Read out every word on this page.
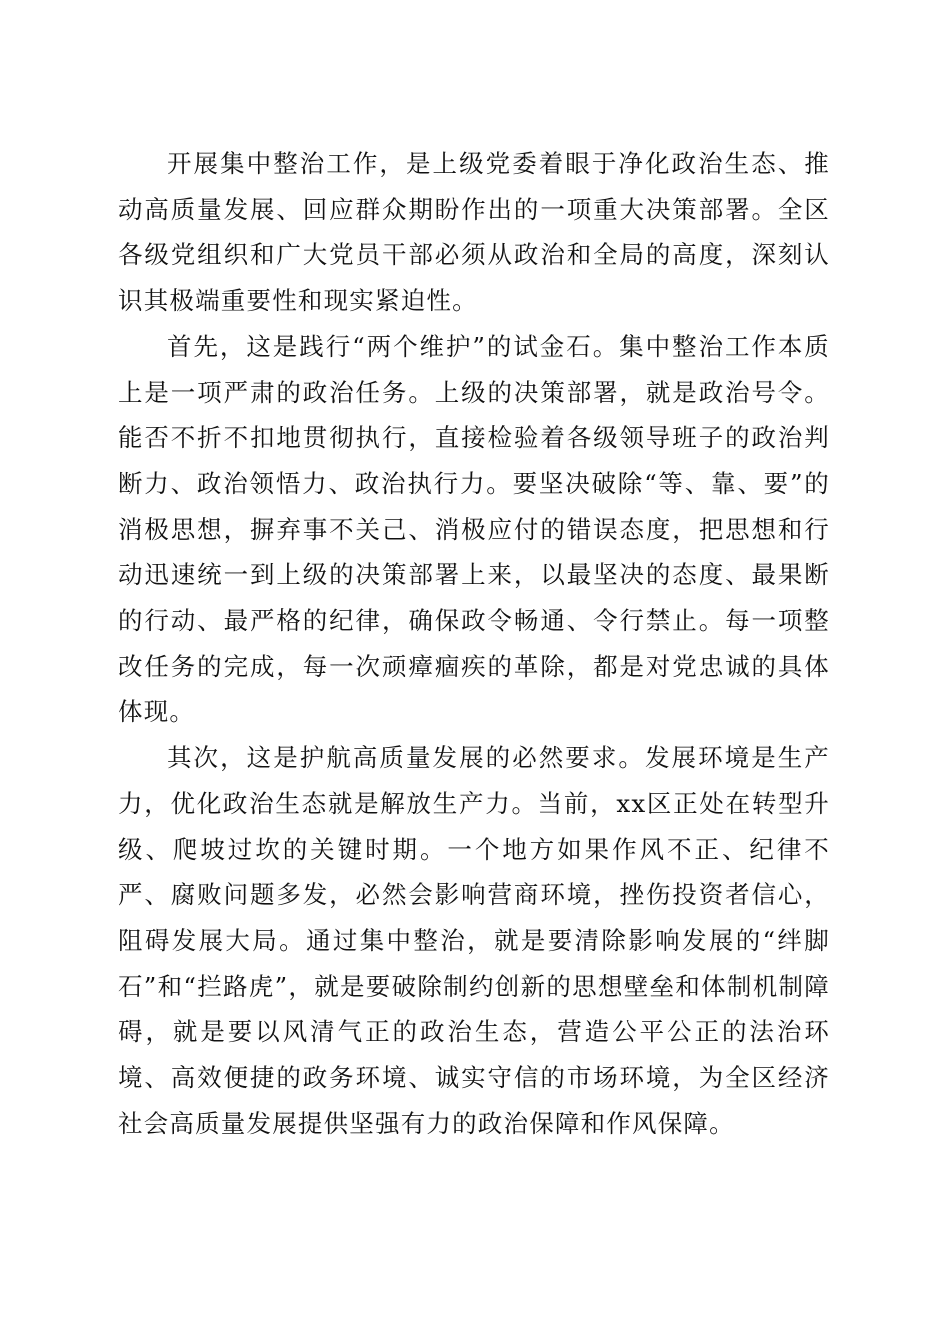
开展集中整治工作，是上级党委着眼于净化政治生态、推动高质量发展、回应群众期盼作出的一项重大决策部署。全区各级党组织和广大党员干部必须从政治和全局的高度，深刻认识其极端重要性和现实紧迫性。

首先，这是践行“两个维护”的试金石。集中整治工作本质上是一项严肃的政治任务。上级的决策部署，就是政治号令。能否不折不扣地贯彻执行，直接检验着各级领导班子的政治判断力、政治领悟力、政治执行力。要坚决破除“等、靠、要”的消极思想，摒弃事不关己、消极应付的错误态度，把思想和行动迅速统一到上级的决策部署上来，以最坚决的态度、最果断的行动、最严格的纪律，确保政令畅通、令行禁止。每一项整改任务的完成，每一次顽瘴痼疾的革除，都是对党忠诚的具体体现。

其次，这是护航高质量发展的必然要求。发展环境是生产力，优化政治生态就是解放生产力。当前，xx区正处在转型升级、爬坡过坎的关键时期。一个地方如果作风不正、纪律不严、腐败问题多发，必然会影响营商环境，挫伤投资者信心，阻碍发展大局。通过集中整治，就是要清除影响发展的“绊脚石”和“拦路虎”，就是要破除制约创新的思想壁垒和体制机制障碍，就是要以风清气正的政治生态，营造公平公正的法治环境、高效便捷的政务环境、诚实守信的市场环境，为全区经济社会高质量发展提供坚强有力的政治保障和作风保障。
